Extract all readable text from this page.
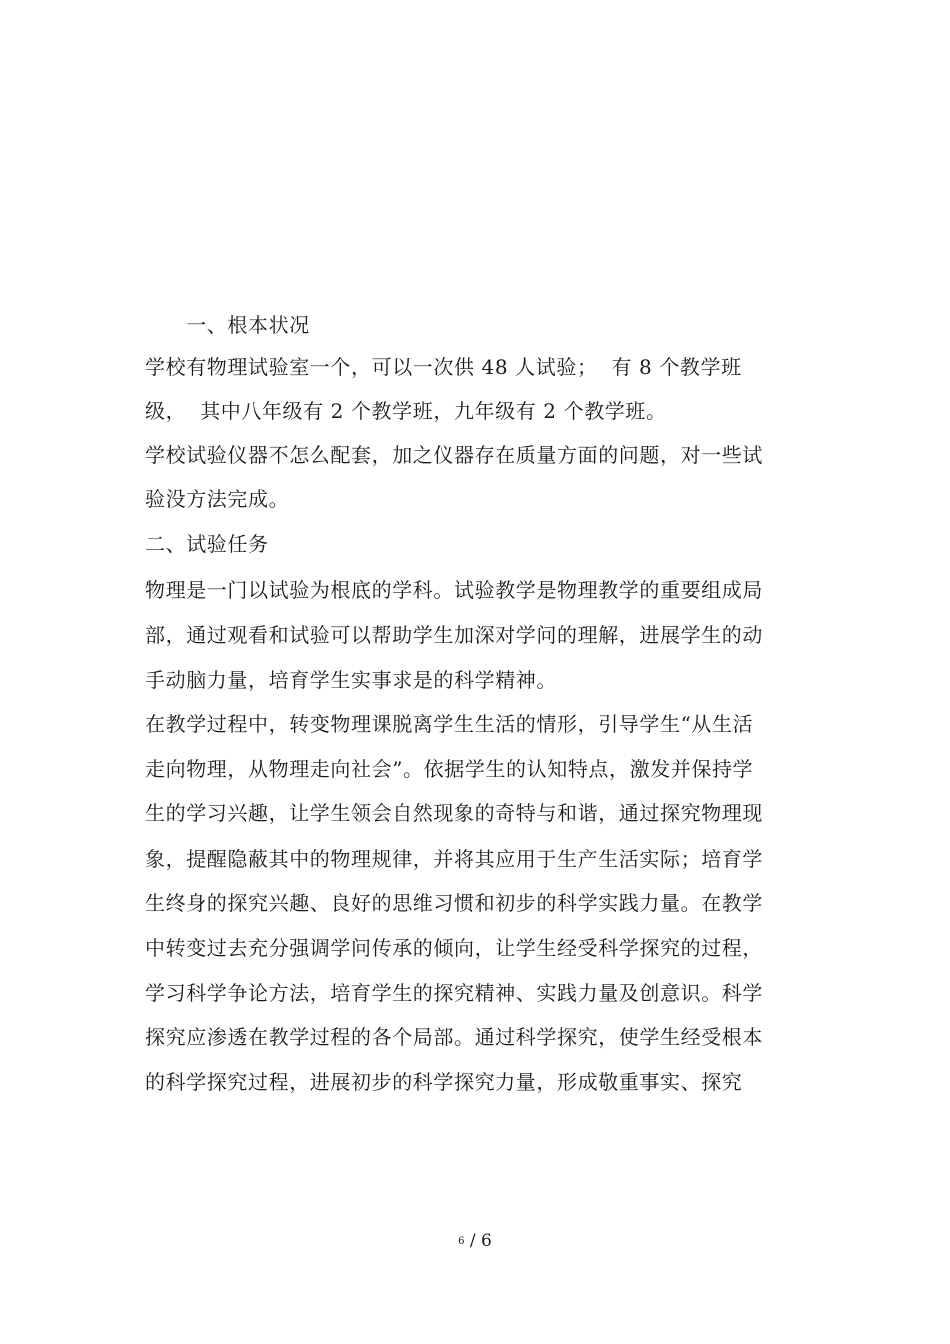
　　一、根本状况
学校有物理试验室一个，可以一次供 48 人试验；  有 8 个教学班
级，  其中八年级有 2 个教学班，九年级有 2 个教学班。
学校试验仪器不怎么配套，加之仪器存在质量方面的问题，对一些试
验没方法完成。
二、试验任务
物理是一门以试验为根底的学科。试验教学是物理教学的重要组成局
部，通过观看和试验可以帮助学生加深对学问的理解，进展学生的动
手动脑力量，培育学生实事求是的科学精神。
在教学过程中，转变物理课脱离学生生活的情形，引导学生“从生活
走向物理，从物理走向社会”。依据学生的认知特点，激发并保持学
生的学习兴趣，让学生领会自然现象的奇特与和谐，通过探究物理现
象，提醒隐蔽其中的物理规律，并将其应用于生产生活实际；培育学
生终身的探究兴趣、良好的思维习惯和初步的科学实践力量。在教学
中转变过去充分强调学问传承的倾向，让学生经受科学探究的过程，
学习科学争论方法，培育学生的探究精神、实践力量及创意识。科学
探究应渗透在教学过程的各个局部。通过科学探究，使学生经受根本
的科学探究过程，进展初步的科学探究力量，形成敬重事实、探究
6 / 6
